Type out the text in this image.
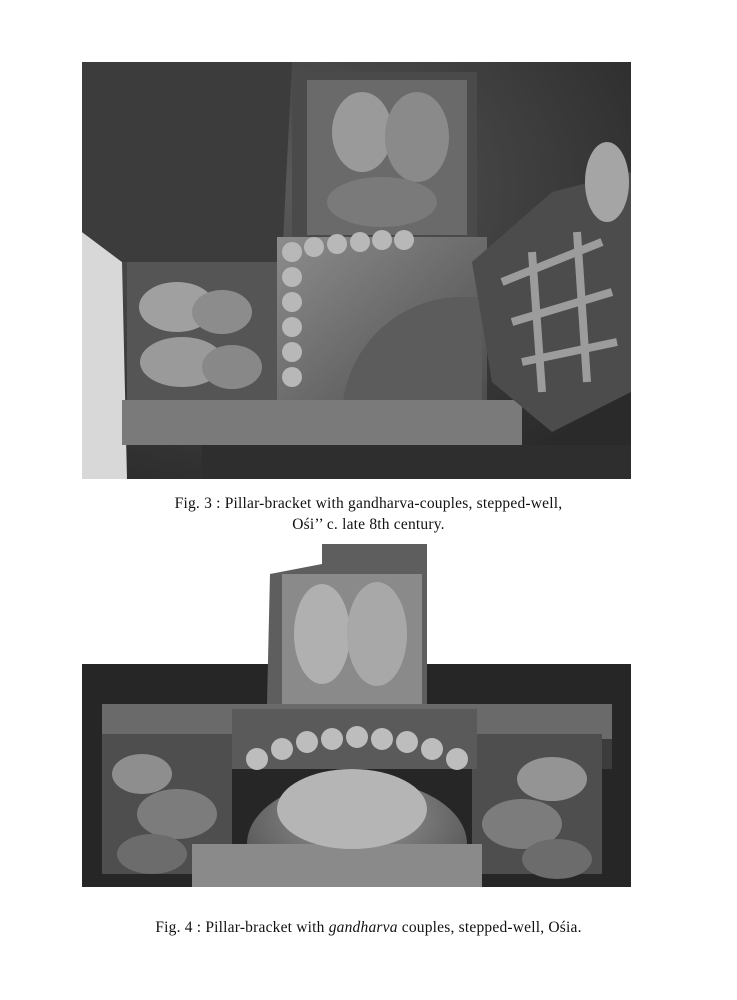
Fig. 3 : Pillar-bracket with gandharva-couples, stepped-well,
Ośi’’ c. late 8th century.
Fig. 4 : Pillar-bracket with gandharva couples, stepped-well, Ośia.
